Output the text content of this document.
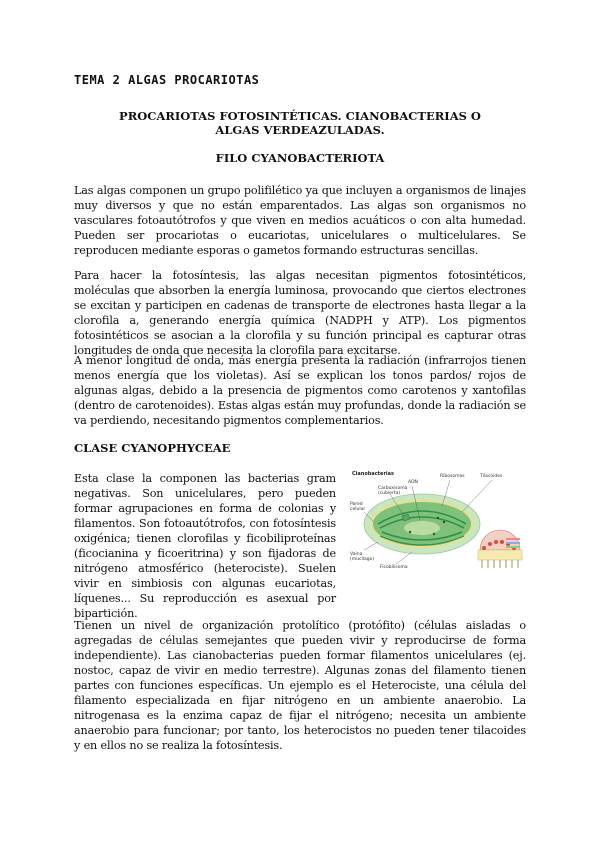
TEMA 2 ALGAS PROCARIOTAS
PROCARIOTAS FOTOSINTÉTICAS. CIANOBACTERIAS O ALGAS VERDEAZULADAS.
FILO CYANOBACTERIOTA

Las algas componen un grupo polifilético ya que incluyen a organismos de linajes muy diversos y que no están emparentados. Las algas son organismos no vasculares fotoautótrofos y que viven en medios acuáticos o con alta humedad. Pueden ser procariotas o eucariotas, unicelulares o multicelulares. Se reproducen mediante esporas o gametos formando estructuras sencillas.

Para hacer la fotosíntesis, las algas necesitan pigmentos fotosintéticos, moléculas que absorben la energía luminosa, provocando que ciertos electrones se excitan y participen en cadenas de transporte de electrones hasta llegar a la clorofila a, generando energía química (NADPH y ATP). Los pigmentos fotosintéticos se asocian a la clorofila y su función principal es capturar otras longitudes de onda que necesita la clorofila para excitarse.

A menor longitud de onda, más energía presenta la radiación (infrarrojos tienen menos energía que los violetas). Así se explican los tonos pardos/ rojos de algunas algas, debido a la presencia de pigmentos como carotenos y xantofilas (dentro de carotenoides). Estas algas están muy profundas, donde la radiación se va perdiendo, necesitando pigmentos complementarios.

CLASE CYANOPHYCEAE

Esta clase la componen las bacterias gram negativas. Son unicelulares, pero pueden formar agrupaciones en forma de colonias y filamentos. Son fotoautótrofos, con fotosíntesis oxigénica; tienen clorofilas y ficobiliproteínas (ficocianina y ficoeritrina) y son fijadoras de nitrógeno atmosférico (heterociste). Suelen vivir en simbiosis con algunas eucariotas, líquenes... Su reproducción es asexual por bipartición.

Cianobacterias	Ribosomas	Tilacoides
ADN
Carboxisoma (cubierta)
Pared celular
Vaina (mucílago)
Ficobilisoma

Tienen un nivel de organización protolítico (protófito) (células aisladas o agregadas de células semejantes que pueden vivir y reproducirse de forma independiente). Las cianobacterias pueden formar filamentos unicelulares (ej. nostoc, capaz de vivir en medio terrestre). Algunas zonas del filamento tienen partes con funciones específicas. Un ejemplo es el Heterociste, una célula del filamento especializada en fijar nitrógeno en un ambiente anaerobio. La nitrogenasa es la enzima capaz de fijar el nitrógeno; necesita un ambiente anaerobio para funcionar; por tanto, los heterocistos no pueden tener tilacoides y en ellos no se realiza la fotosíntesis.
